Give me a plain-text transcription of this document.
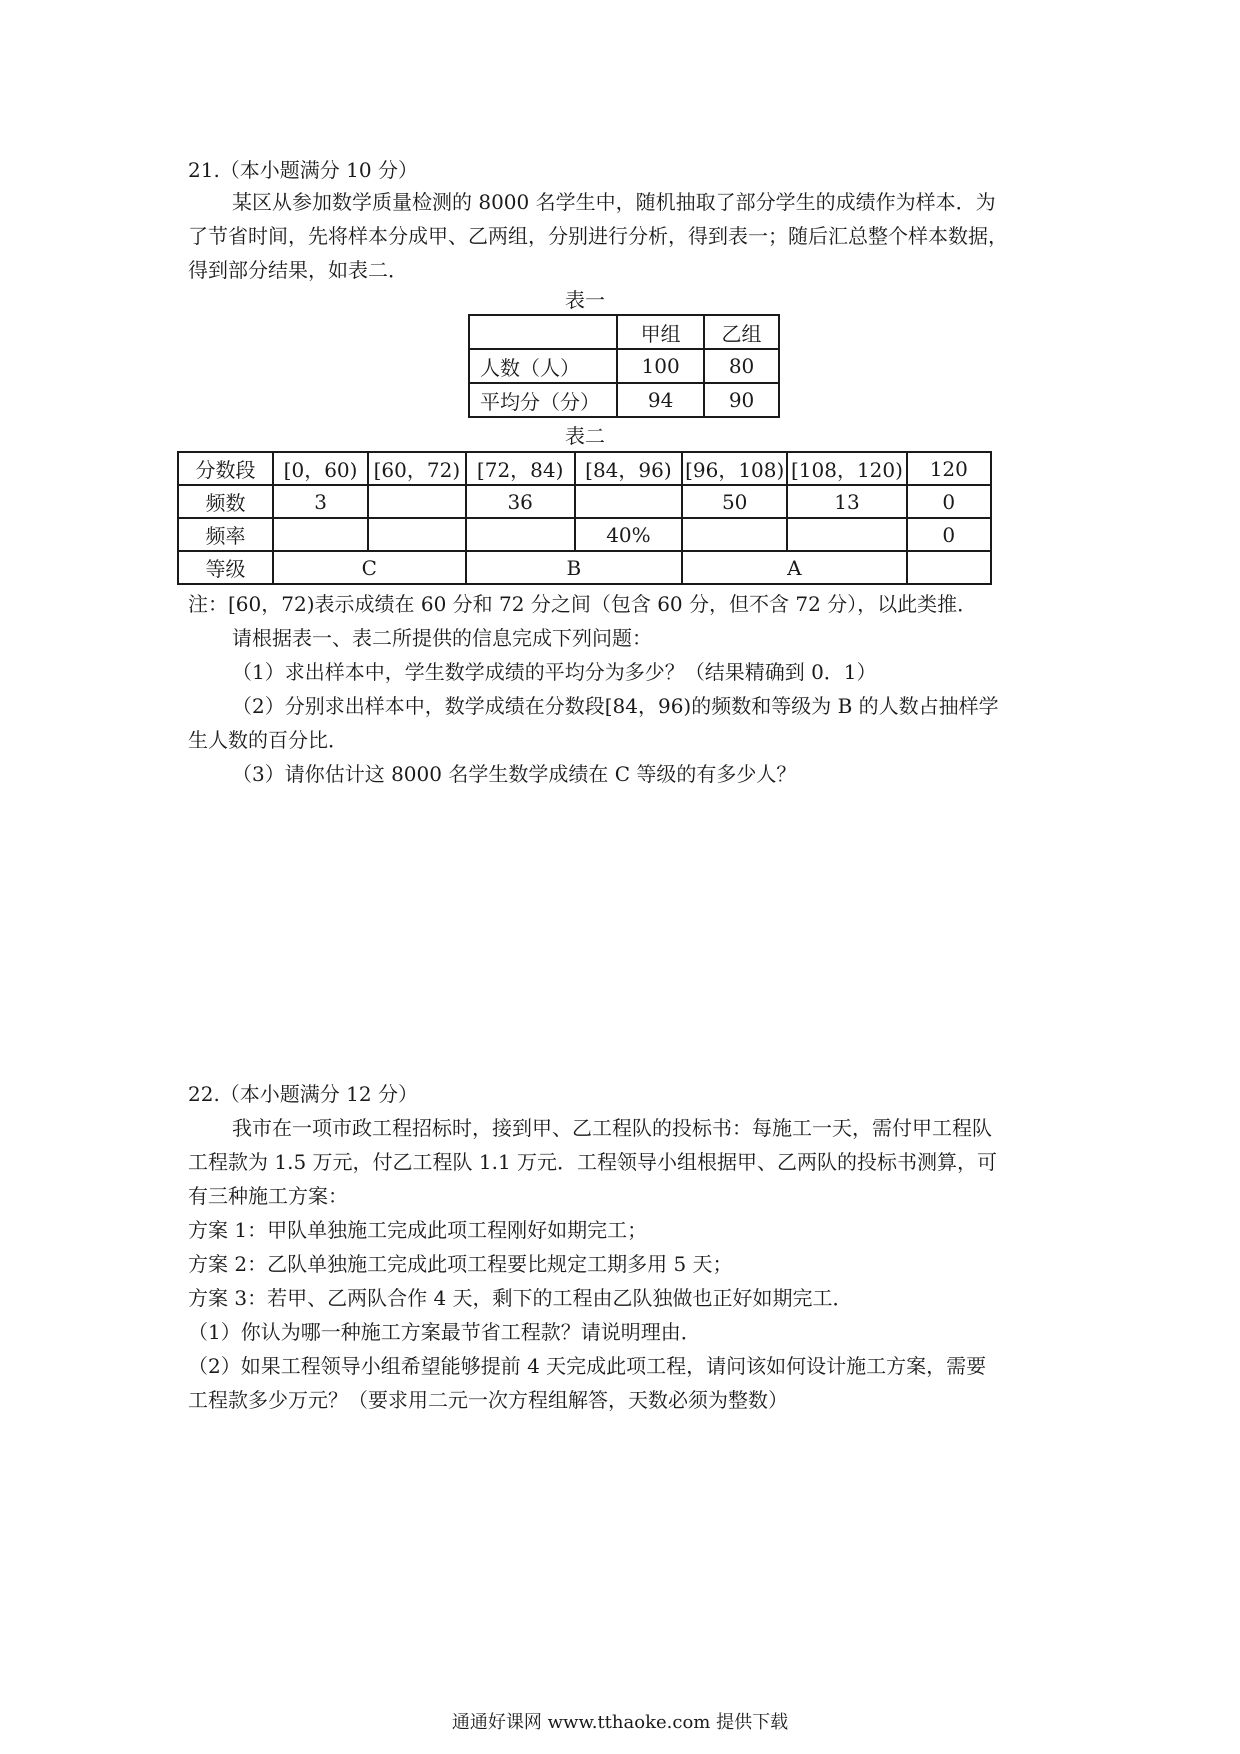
21.（本小题满分 10 分）
某区从参加数学质量检测的 8000 名学生中，随机抽取了部分学生的成绩作为样本．为
了节省时间，先将样本分成甲、乙两组，分别进行分析，得到表一；随后汇总整个样本数据，
得到部分结果，如表二．
表一
	甲组	乙组
人数（人）	100	80
平均分（分）	94	90
表二
分数段	[0，60)	[60，72)	[72，84)	[84，96)	[96，108)	[108，120)	120
频数	3		36		50	13	0
频率				40%			0
等级	C		B		A		
注：[60，72)表示成绩在 60 分和 72 分之间（包含 60 分，但不含 72 分），以此类推．
请根据表一、表二所提供的信息完成下列问题：
（1）求出样本中，学生数学成绩的平均分为多少？（结果精确到 0．1）
（2）分别求出样本中，数学成绩在分数段[84，96)的频数和等级为 B 的人数占抽样学
生人数的百分比．
（3）请你估计这 8000 名学生数学成绩在 C 等级的有多少人？
22.（本小题满分 12 分）
我市在一项市政工程招标时，接到甲、乙工程队的投标书：每施工一天，需付甲工程队
工程款为 1.5 万元，付乙工程队 1.1 万元．工程领导小组根据甲、乙两队的投标书测算，可
有三种施工方案：
方案 1：甲队单独施工完成此项工程刚好如期完工；
方案 2：乙队单独施工完成此项工程要比规定工期多用 5 天；
方案 3：若甲、乙两队合作 4 天，剩下的工程由乙队独做也正好如期完工．
（1）你认为哪一种施工方案最节省工程款？请说明理由．
（2）如果工程领导小组希望能够提前 4 天完成此项工程，请问该如何设计施工方案，需要
工程款多少万元？（要求用二元一次方程组解答，天数必须为整数）
通通好课网 www.tthaoke.com 提供下载
